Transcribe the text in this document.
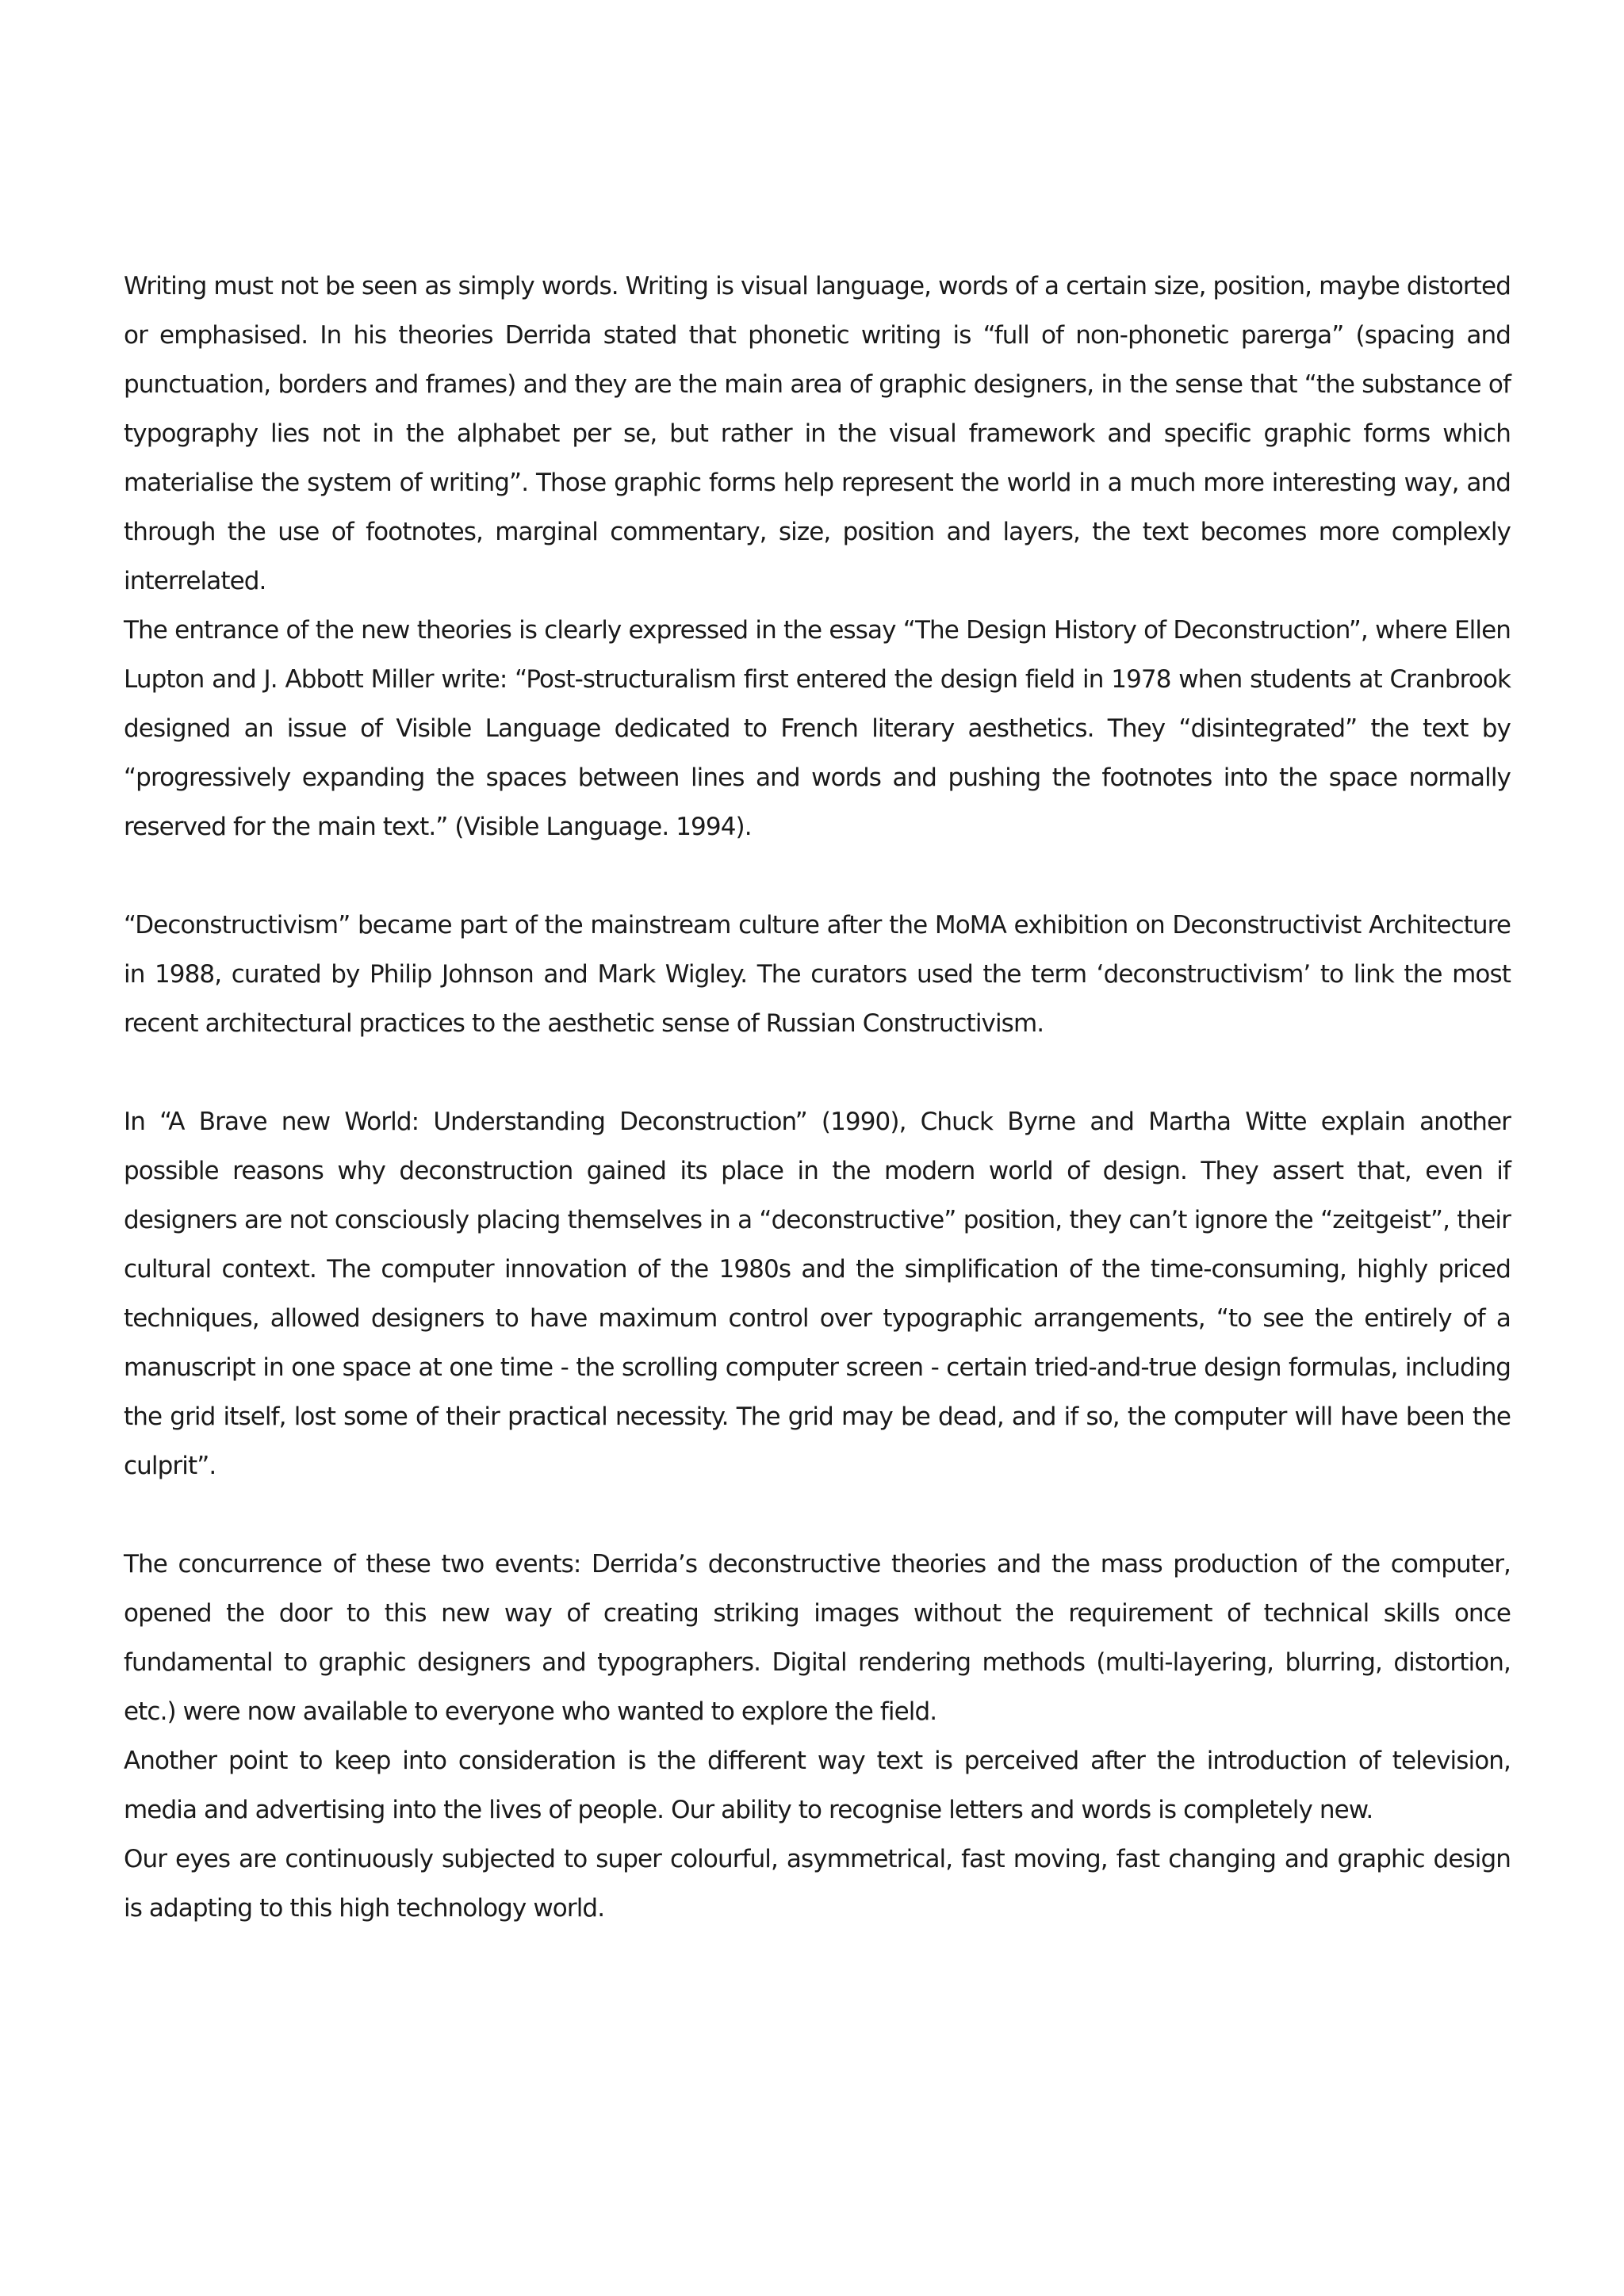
Writing must not be seen as simply words. Writing is visual language, words of a certain size, position, maybe distorted or emphasised. In his theories Derrida stated that phonetic writing is “full of non-phonetic parerga” (spacing and punctuation, borders and frames) and they are the main area of graphic designers, in the sense that “the substance of typography lies not in the alphabet per se, but rather in the visual framework and specific graphic forms which materialise the system of writing”. Those graphic forms help represent the world in a much more interesting way, and through the use of footnotes, marginal commentary, size, position and layers, the text becomes more complexly interrelated.

The entrance of the new theories is clearly expressed in the essay “The Design History of Deconstruction”, where Ellen Lupton and J. Abbott Miller write: “Post-structuralism first entered the design field in 1978 when students at Cranbrook designed an issue of Visible Language dedicated to French literary aesthetics. They “disintegrated” the text by “progressively expanding the spaces between lines and words and pushing the footnotes into the space normally reserved for the main text.” (Visible Language. 1994).

“Deconstructivism” became part of the mainstream culture after the MoMA exhibition on Deconstructivist Architecture in 1988, curated by Philip Johnson and Mark Wigley. The curators used the term ‘deconstructivism’ to link the most recent architectural practices to the aesthetic sense of Russian Constructivism.

In “A Brave new World: Understanding Deconstruction” (1990), Chuck Byrne and Martha Witte explain another possible reasons why deconstruction gained its place in the modern world of design. They assert that, even if designers are not consciously placing themselves in a “deconstructive” position, they can’t ignore the “zeitgeist”, their cultural context. The computer innovation of the 1980s and the simplification of the time-consuming, highly priced techniques, allowed designers to have maximum control over typographic arrangements, “to see the entirely of a manuscript in one space at one time - the scrolling computer screen - certain tried-and-true design formulas, including the grid itself, lost some of their practical necessity. The grid may be dead, and if so, the computer will have been the culprit”.

The concurrence of these two events: Derrida’s deconstructive theories and the mass production of the computer, opened the door to this new way of creating striking images without the requirement of technical skills once fundamental to graphic designers and typographers. Digital rendering methods (multi-layering, blurring, distortion, etc.) were now available to everyone who wanted to explore the field.

Another point to keep into consideration is the different way text is perceived after the introduction of television, media and advertising into the lives of people. Our ability to recognise letters and words is completely new.

Our eyes are continuously subjected to super colourful, asymmetrical, fast moving, fast changing and graphic design is adapting to this high technology world.
